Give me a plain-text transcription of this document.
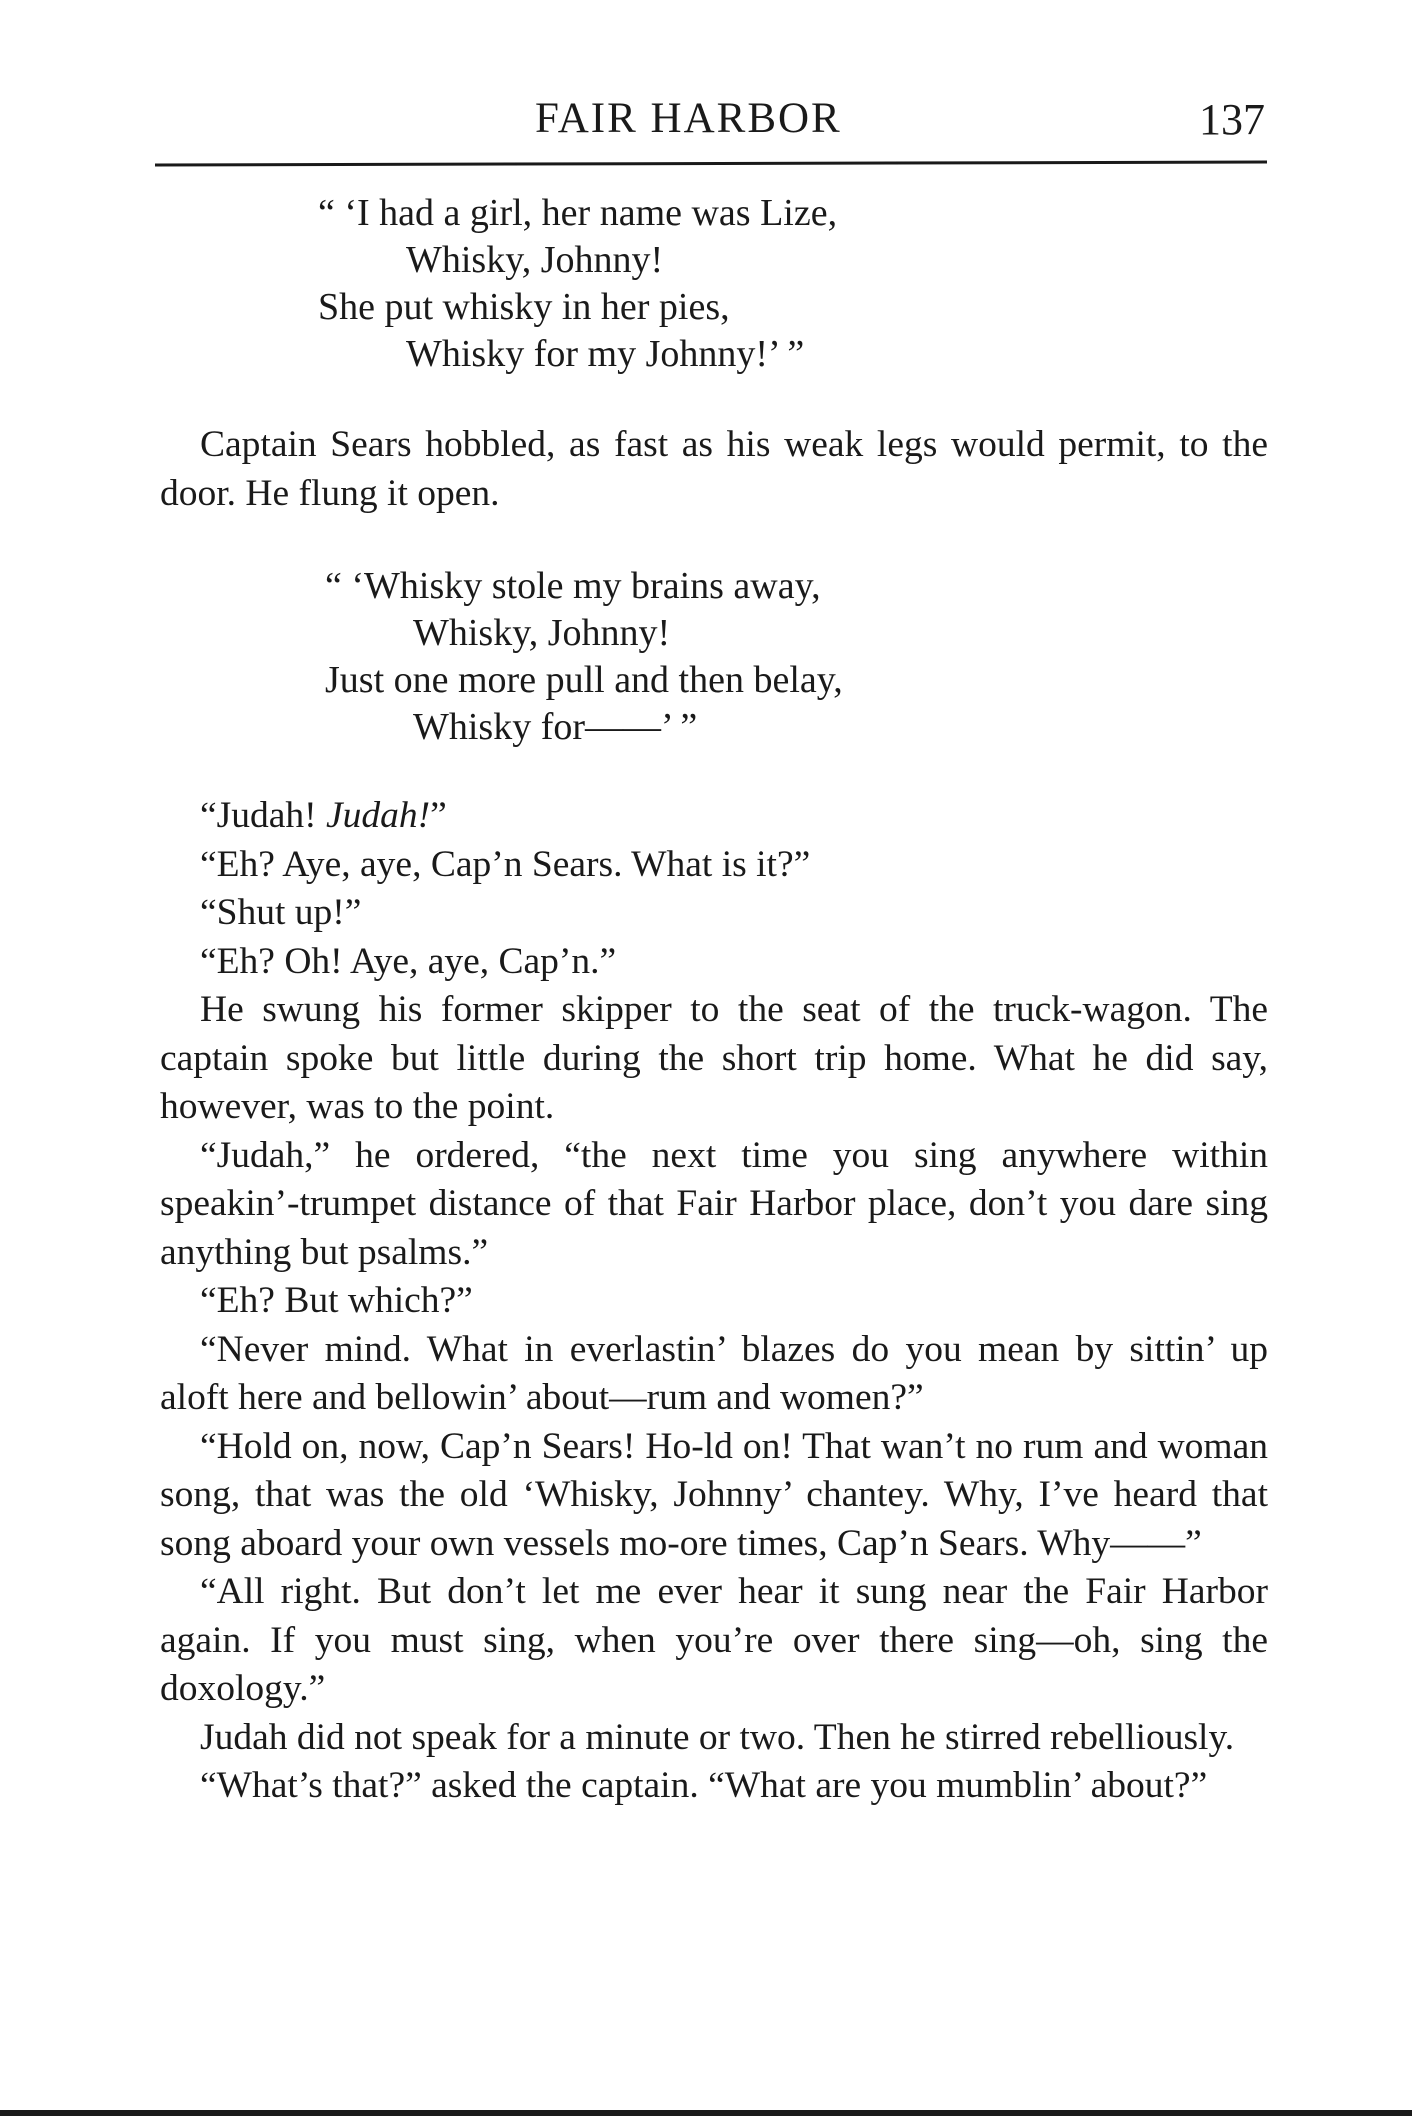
FAIR HARBOR	137
“ ‘I had a girl, her name was Lize,
Whisky, Johnny!
She put whisky in her pies,
Whisky for my Johnny!’ ”

Captain Sears hobbled, as fast as his weak legs would permit, to the door. He flung it open.

“ ‘Whisky stole my brains away,
Whisky, Johnny!
Just one more pull and then belay,
Whisky for——’ ”

“Judah! Judah!”

“Eh? Aye, aye, Cap’n Sears. What is it?”

“Shut up!”

“Eh? Oh! Aye, aye, Cap’n.”

He swung his former skipper to the seat of the truck-wagon. The captain spoke but little during the short trip home. What he did say, however, was to the point.

“Judah,” he ordered, “the next time you sing anywhere within speakin’-trumpet distance of that Fair Harbor place, don’t you dare sing anything but psalms.”

“Eh? But which?”

“Never mind. What in everlastin’ blazes do you mean by sittin’ up aloft here and bellowin’ about—rum and women?”

“Hold on, now, Cap’n Sears! Ho-ld on! That wan’t no rum and woman song, that was the old ‘Whisky, Johnny’ chantey. Why, I’ve heard that song aboard your own vessels mo-ore times, Cap’n Sears. Why——”

“All right. But don’t let me ever hear it sung near the Fair Harbor again. If you must sing, when you’re over there sing—oh, sing the doxology.”

Judah did not speak for a minute or two. Then he stirred rebelliously.

“What’s that?” asked the captain. “What are you mumblin’ about?”
